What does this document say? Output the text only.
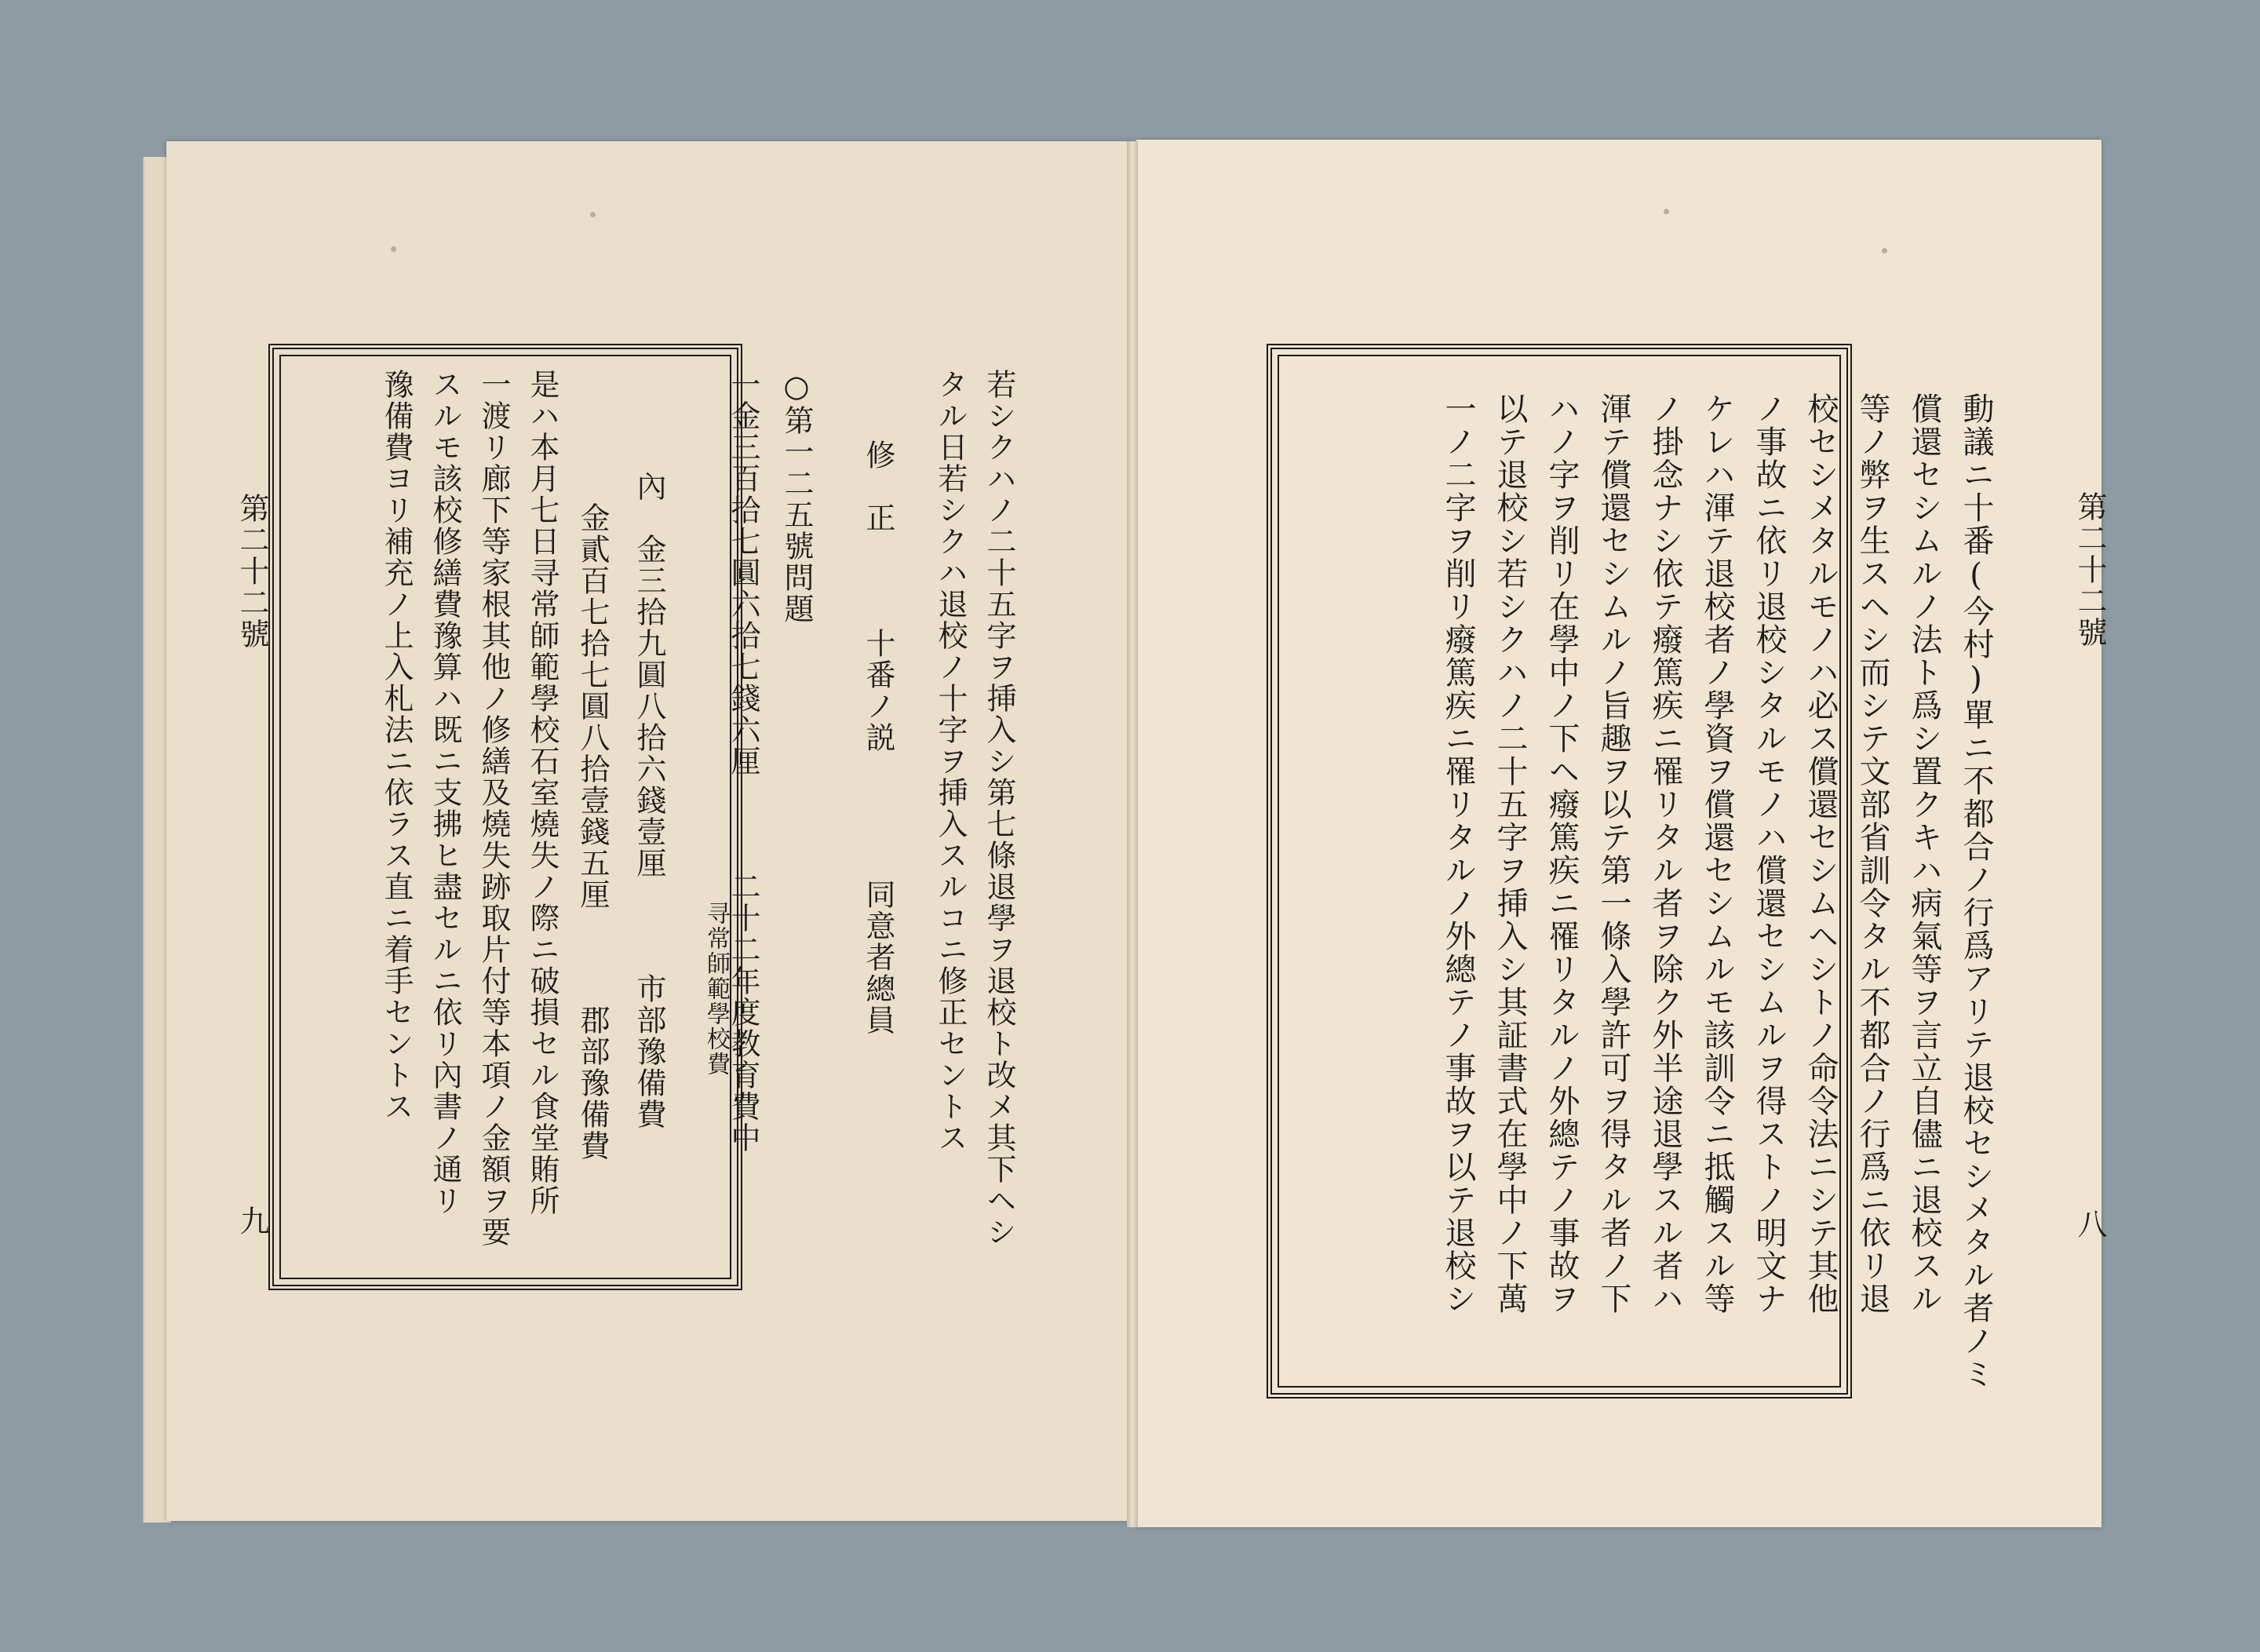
第二十二號
九	若シクハノ二十五字ヲ挿入シ第七條退學ヲ退校ト改メ其下ヘシ
タル日若シクハ退校ノ十字ヲ挿入スルコニ修正セントス
修　正　　　十番ノ説　　　　同意者總員
○第一二五號問題
一金三百拾七圓六拾七錢六厘　　　二十二年度教育費中
寻常師範學校費
內　金三拾九圓八拾六錢壹厘　　　市部豫備費
金貳百七拾七圓八拾壹錢五厘　　　郡部豫備費
是ハ本月七日寻常師範學校石室燒失ノ際ニ破損セル食堂賄所
一渡リ廊下等家根其他ノ修繕及燒失跡取片付等本項ノ金額ヲ要
スルモ該校修繕費豫算ハ既ニ支拂ヒ盡セルニ依リ內書ノ通リ
豫備費ヨリ補充ノ上入札法ニ依ラス直ニ着手セントス	第二十二號
八
動議ニ十番(今村)單ニ不都合ノ行爲アリテ退校セシメタル者ノミ
償還セシムルノ法ト爲シ置クキハ病氣等ヲ言立自儘ニ退校スル
等ノ弊ヲ生スヘシ而シテ文部省訓令タル不都合ノ行爲ニ依リ退
校セシメタルモノハ必ス償還セシムヘシトノ命令法ニシテ其他
ノ事故ニ依リ退校シタルモノハ償還セシムルヲ得ストノ明文ナ
ケレハ渾テ退校者ノ學資ヲ償還セシムルモ該訓令ニ抵觸スル等
ノ掛念ナシ依テ癈篤疾ニ罹リタル者ヲ除ク外半途退學スル者ハ
渾テ償還セシムルノ旨趣ヲ以テ第一條入學許可ヲ得タル者ノ下
ハノ字ヲ削リ在學中ノ下ヘ癈篤疾ニ罹リタルノ外總テノ事故ヲ
以テ退校シ若シクハノ二十五字ヲ挿入シ其証書式在學中ノ下萬
一ノ二字ヲ削リ癈篤疾ニ罹リタルノ外總テノ事故ヲ以テ退校シ
